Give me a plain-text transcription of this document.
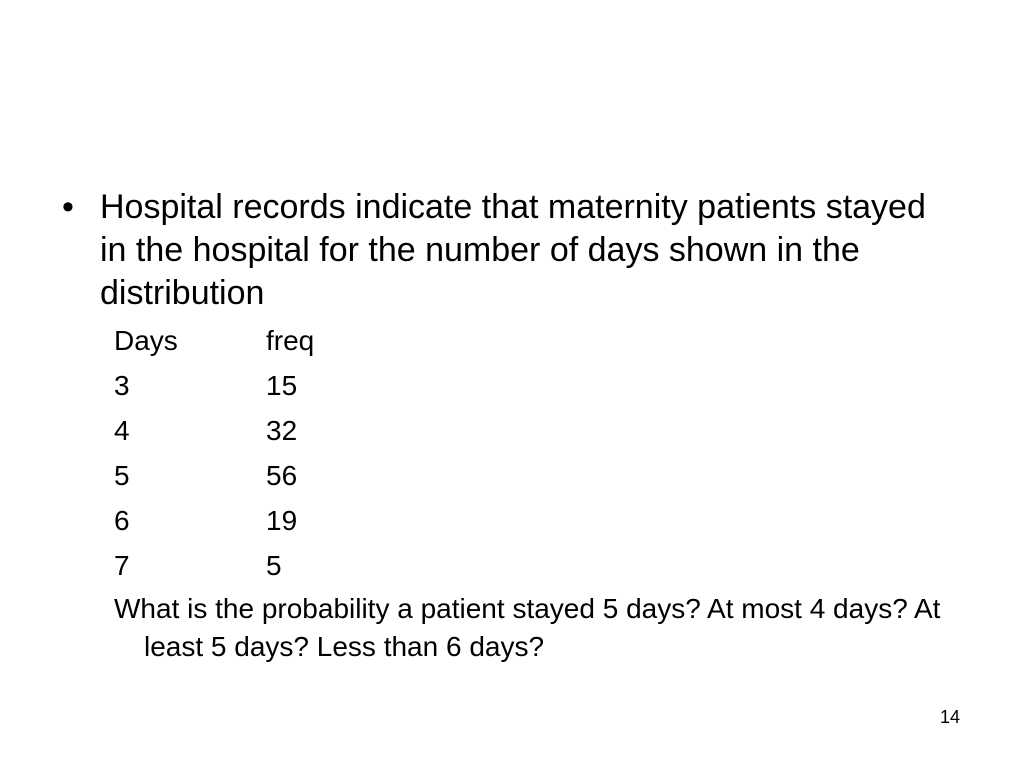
• Hospital records indicate that maternity patients stayed in the hospital for the number of days shown in the distribution
Days	freq
3	15
4	32
5	56
6	19
7	5
What is the probability a patient stayed 5 days? At most 4 days? At least 5 days? Less than 6 days?
14
